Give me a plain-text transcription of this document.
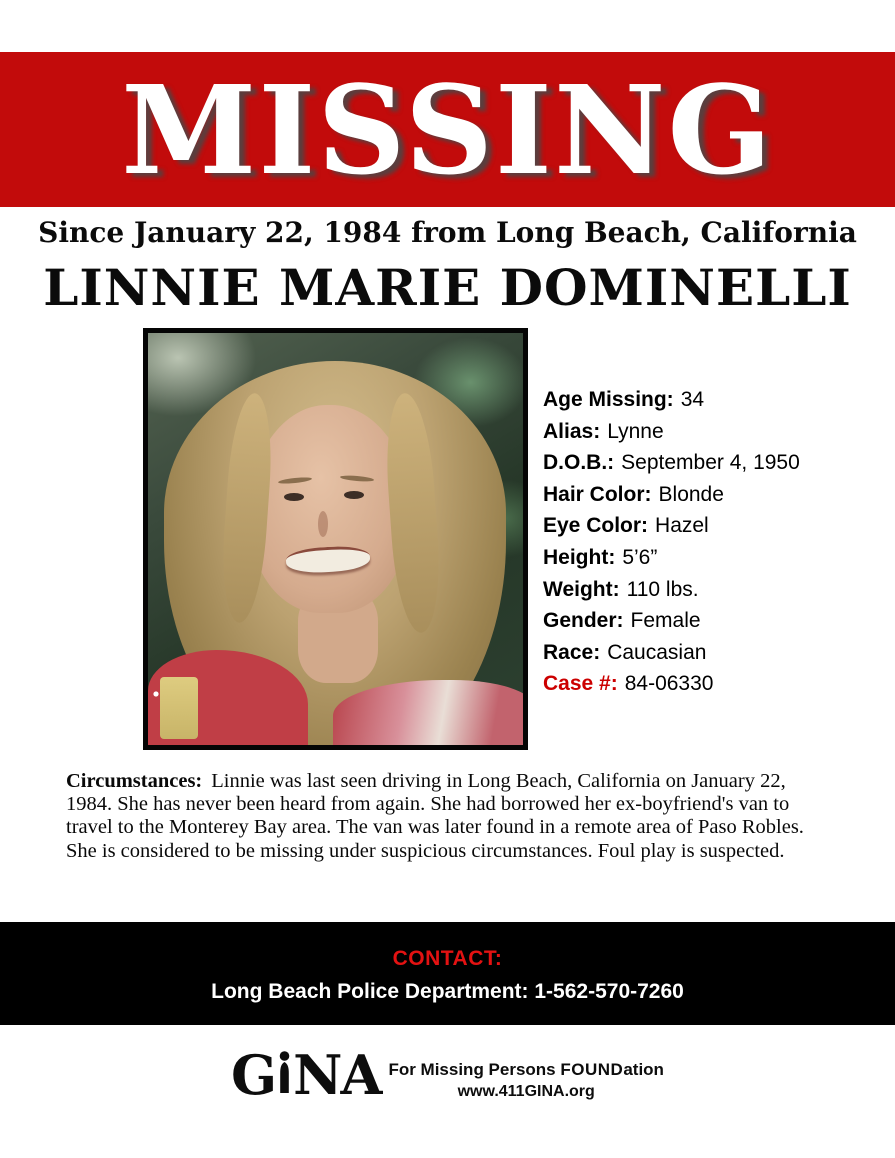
MISSING
Since January 22, 1984 from Long Beach, California
LINNIE MARIE DOMINELLI
Age Missing: 34
Alias: Lynne
D.O.B.: September 4, 1950
Hair Color: Blonde
Eye Color: Hazel
Height: 5’6”
Weight: 110 lbs.
Gender: Female
Race: Caucasian
Case #: 84-06330
Circumstances: Linnie was last seen driving in Long Beach, California on January 22, 1984. She has never been heard from again. She had borrowed her ex-boyfriend's van to travel to the Monterey Bay area. The van was later found in a remote area of Paso Robles. She is considered to be missing under suspicious circumstances. Foul play is suspected.
CONTACT:
Long Beach Police Department: 1-562-570-7260
G NA For Missing Persons FOUNDation
www.411GINA.org
